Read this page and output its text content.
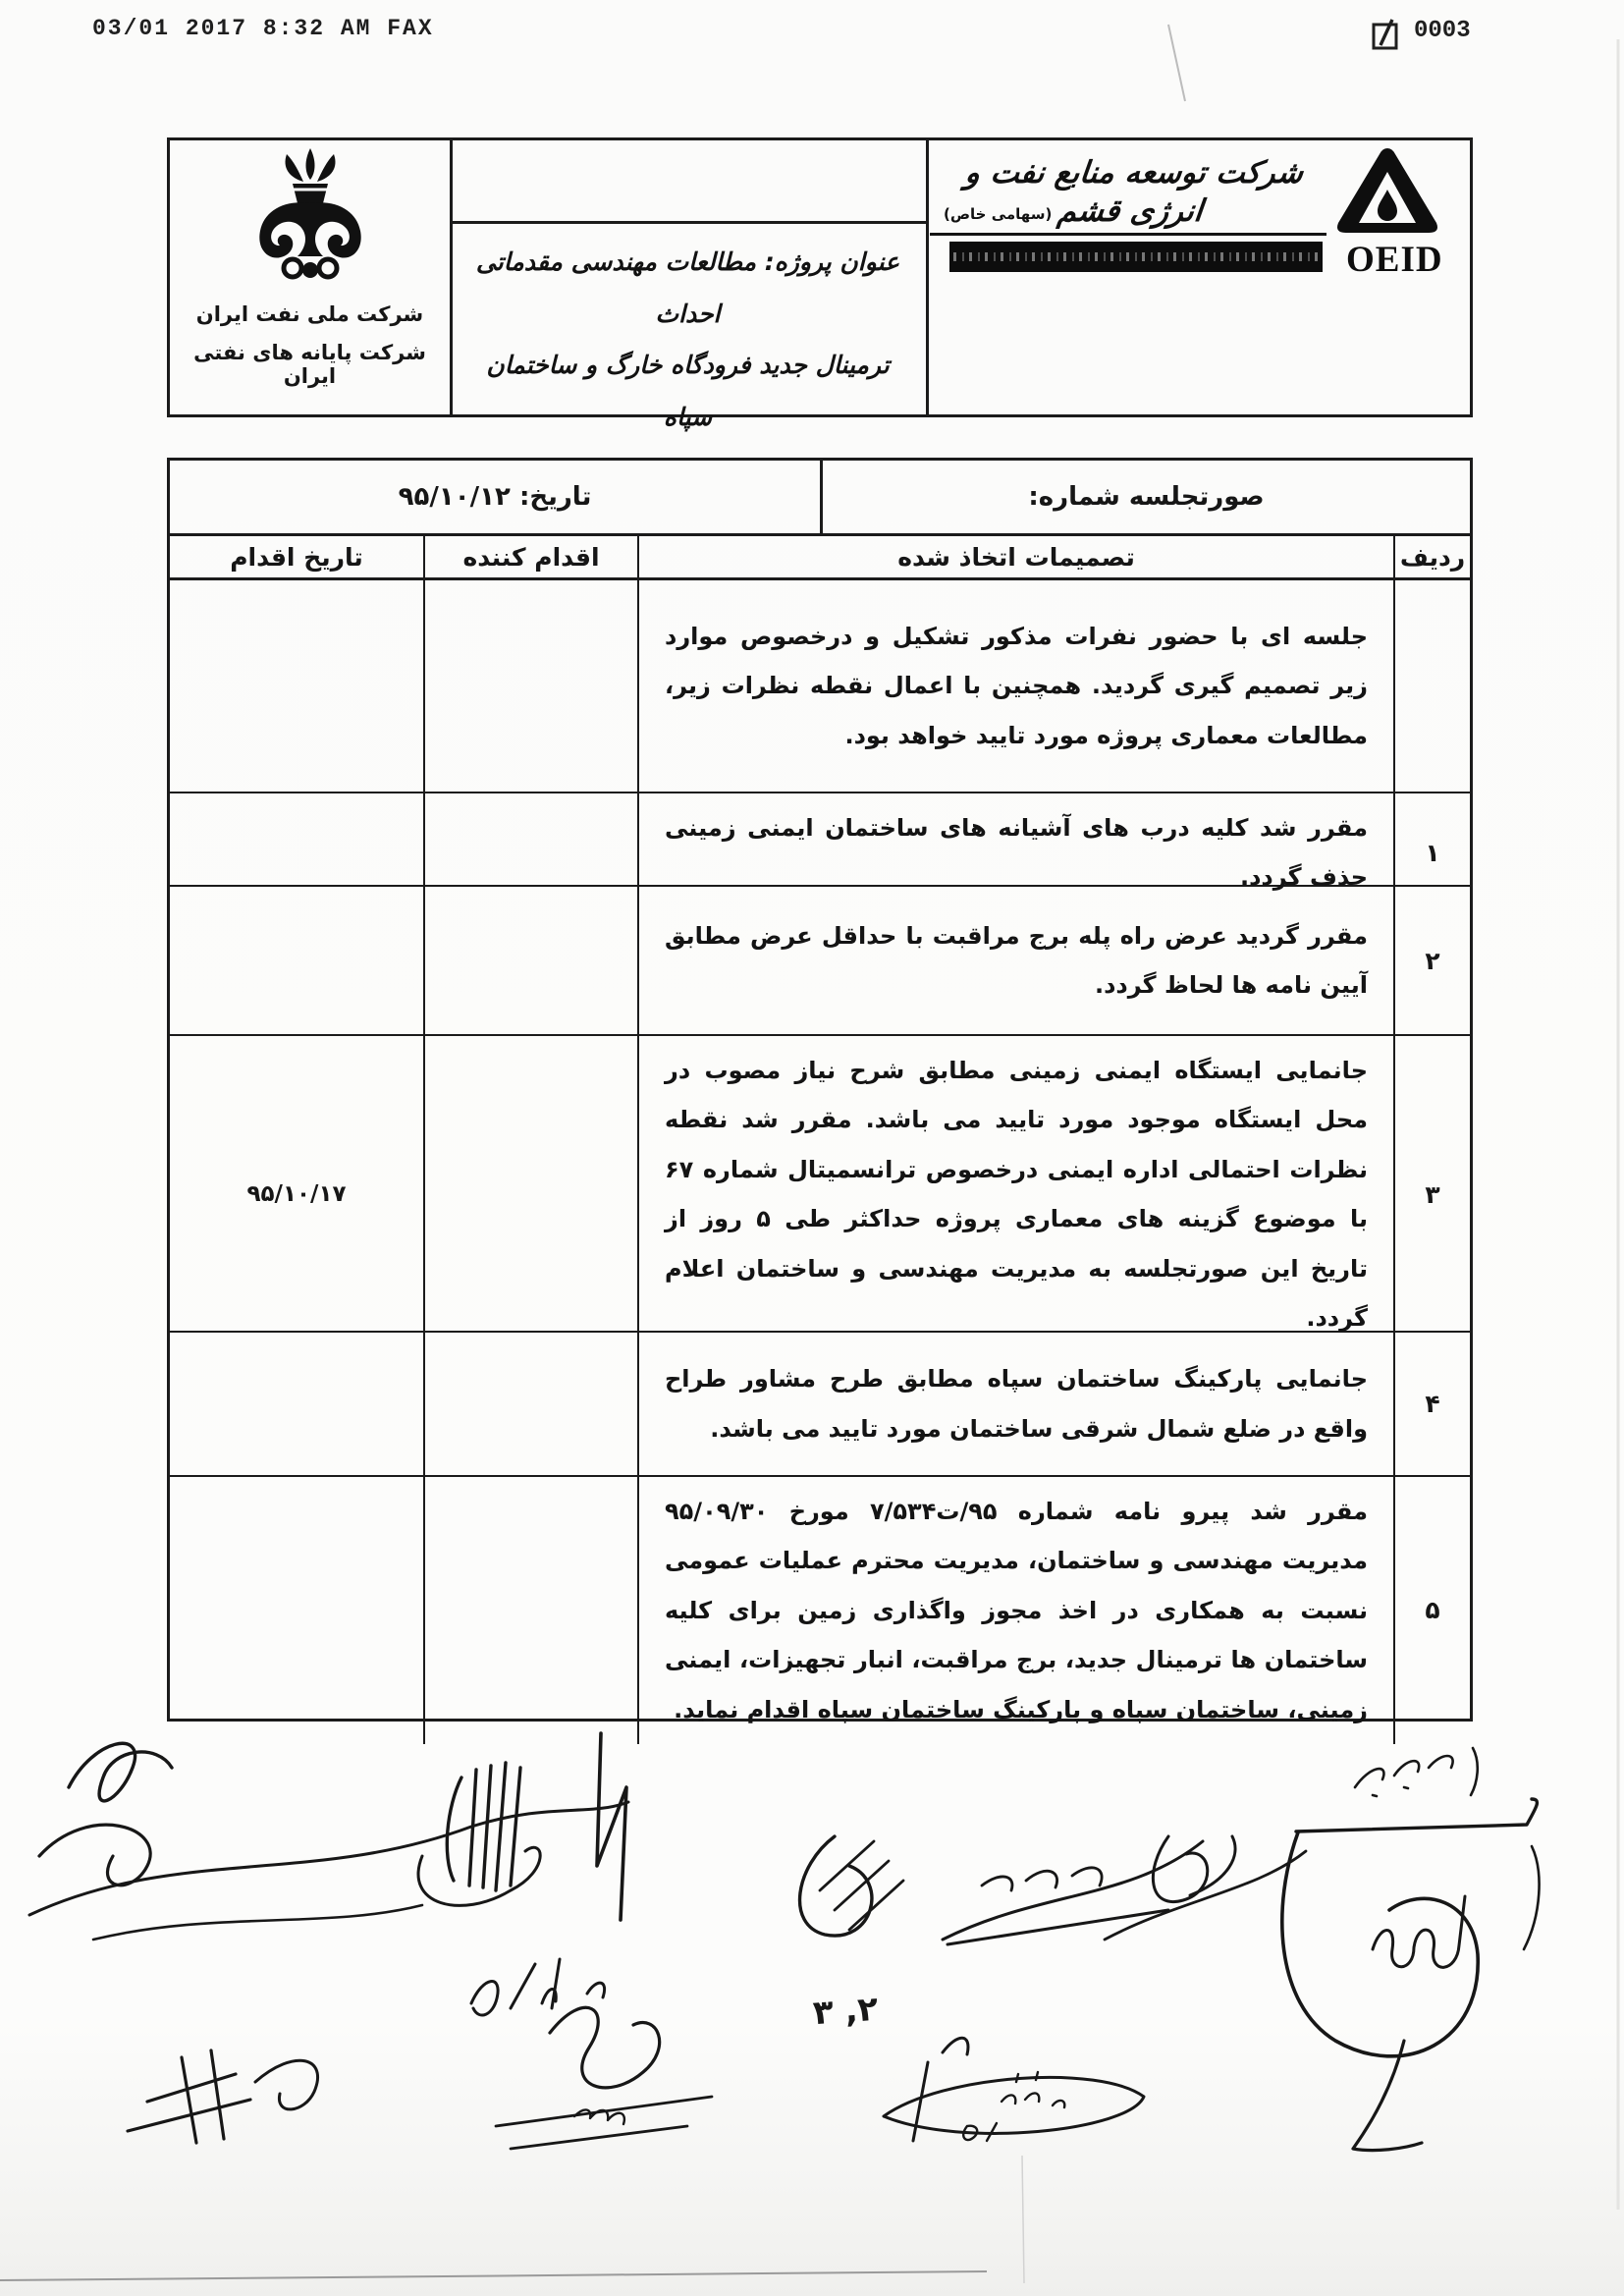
03/01 2017 8:32 AM FAX	0003
شرکت ملی نفت ایران
شرکت پایانه های نفتی ایران
عنوان پروژه: مطالعات مهندسی مقدماتی احداث
ترمینال جدید فرودگاه خارگ و ساختمان سپاه
شرکت توسعه منابع نفت و انرژی قشم
(سهامی خاص)
OEID
صورتجلسه شماره:
تاریخ: ۹۵/۱۰/۱۲
ردیف
تصمیمات اتخاذ شده
اقدام کننده
تاریخ اقدام
جلسه ای با حضور نفرات مذکور تشکیل و درخصوص موارد زیر تصمیم گیری گردید. همچنین با اعمال نقطه نظرات زیر، مطالعات معماری پروژه مورد تایید خواهد بود.
۱
مقرر شد کلیه درب های آشیانه های ساختمان ایمنی زمینی حذف گردد.
۲
مقرر گردید عرض راه پله برج مراقبت با حداقل عرض مطابق آیین نامه ها لحاظ گردد.
۳
جانمایی ایستگاه ایمنی زمینی مطابق شرح نیاز مصوب در محل ایستگاه موجود مورد تایید می باشد. مقرر شد نقطه نظرات احتمالی اداره ایمنی درخصوص ترانسمیتال شماره ۶۷ با موضوع گزینه های معماری پروژه حداکثر طی ۵ روز از تاریخ این صورتجلسه به مدیریت مهندسی و ساختمان اعلام گردد.
۹۵/۱۰/۱۷
۴
جانمایی پارکینگ ساختمان سپاه مطابق طرح مشاور طراح واقع در ضلع شمال شرقی ساختمان مورد تایید می باشد.
۵
مقرر شد پیرو نامه شماره ۹۵/ت۷/۵۳۴ مورخ ۹۵/۰۹/۳۰ مدیریت مهندسی و ساختمان، مدیریت محترم عملیات عمومی نسبت به همکاری در اخذ مجوز واگذاری زمین برای کلیه ساختمان ها ترمینال جدید، برج مراقبت، انبار تجهیزات، ایمنی زمینی، ساختمان سپاه و پارکینگ ساختمان سپاه اقدام نماید.
۲, ۳
